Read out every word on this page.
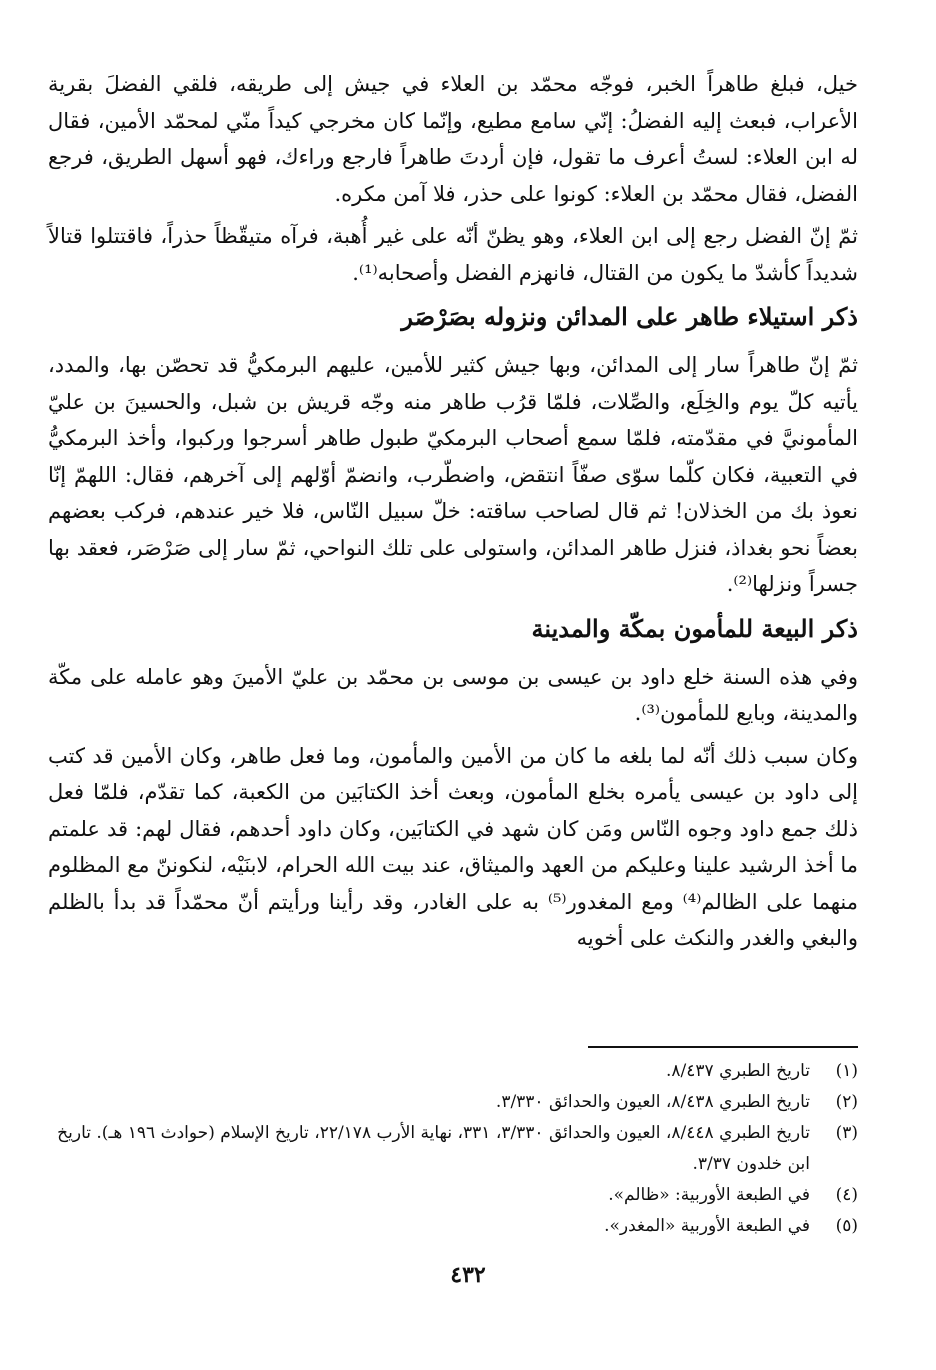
خيل، فبلغ طاهراً الخبر، فوجّه محمّد بن العلاء في جيش إلى طريقه، فلقي الفضلَ بقرية الأعراب، فبعث إليه الفضلُ: إنّي سامع مطيع، وإنّما كان مخرجي كيداً منّي لمحمّد الأمين، فقال له ابن العلاء: لستُ أعرف ما تقول، فإن أردتَ طاهراً فارجع وراءك، فهو أسهل الطريق، فرجع الفضل، فقال محمّد بن العلاء: كونوا على حذر، فلا آمن مكره.

ثمّ إنّ الفضل رجع إلى ابن العلاء، وهو يظنّ أنّه على غير أُهبة، فرآه متيقّظاً حذراً، فاقتتلوا قتالاً شديداً كأشدّ ما يكون من القتال، فانهزم الفضل وأصحابه⁽¹⁾.

ذكر استيلاء طاهر على المدائن ونزوله بصَرْصَر

ثمّ إنّ طاهراً سار إلى المدائن، وبها جيش كثير للأمين، عليهم البرمكيُّ قد تحصّن بها، والمدد، يأتيه كلّ يوم والخِلَع، والصِّلات، فلمّا قرُب طاهر منه وجّه قريش بن شبل، والحسينَ بن عليّ المأمونيَّ في مقدّمته، فلمّا سمع أصحاب البرمكيّ طبول طاهر أسرجوا وركبوا، وأخذ البرمكيُّ في التعبية، فكان كلّما سوّى صفّاً انتقض، واضطّرب، وانضمّ أوّلهم إلى آخرهم، فقال: اللهمّ إنّا نعوذ بك من الخذلان! ثم قال لصاحب ساقته: خلّ سبيل النّاس، فلا خير عندهم، فركب بعضهم بعضاً نحو بغداذ، فنزل طاهر المدائن، واستولى على تلك النواحي، ثمّ سار إلى صَرْصَر، فعقد بها جسراً ونزلها⁽²⁾.

ذكر البيعة للمأمون بمكّة والمدينة

وفي هذه السنة خلع داود بن عيسى بن موسى بن محمّد بن عليّ الأمينَ وهو عامله على مكّة والمدينة، وبايع للمأمون⁽³⁾.

وكان سبب ذلك أنّه لما بلغه ما كان من الأمين والمأمون، وما فعل طاهر، وكان الأمين قد كتب إلى داود بن عيسى يأمره بخلع المأمون، وبعث أخذ الكتابَين من الكعبة، كما تقدّم، فلمّا فعل ذلك جمع داود وجوه النّاس ومَن كان شهد في الكتابَين، وكان داود أحدهم، فقال لهم: قد علمتم ما أخذ الرشيد علينا وعليكم من العهد والميثاق، عند بيت الله الحرام، لابنَيْه، لنكوننّ مع المظلوم منهما على الظالم⁽⁴⁾ ومع المغدور⁽⁵⁾ به على الغادر، وقد رأينا ورأيتم أنّ محمّداً قد بدأ بالظلم والبغي والغدر والنكث على أخويه

(١)
تاريخ الطبري ٨/٤٣٧.
(٢)
تاريخ الطبري ٨/٤٣٨، العيون والحدائق ٣/٣٣٠.
(٣)
تاريخ الطبري ٨/٤٤٨، العيون والحدائق ٣/٣٣٠، ٣٣١، نهاية الأرب ٢٢/١٧٨، تاريخ الإسلام (حوادث ١٩٦ هـ). تاريخ ابن خلدون ٣/٣٧.
(٤)
في الطبعة الأوربية: «ظالم».
(٥)
في الطبعة الأوربية «المغدر».
٤٣٢
